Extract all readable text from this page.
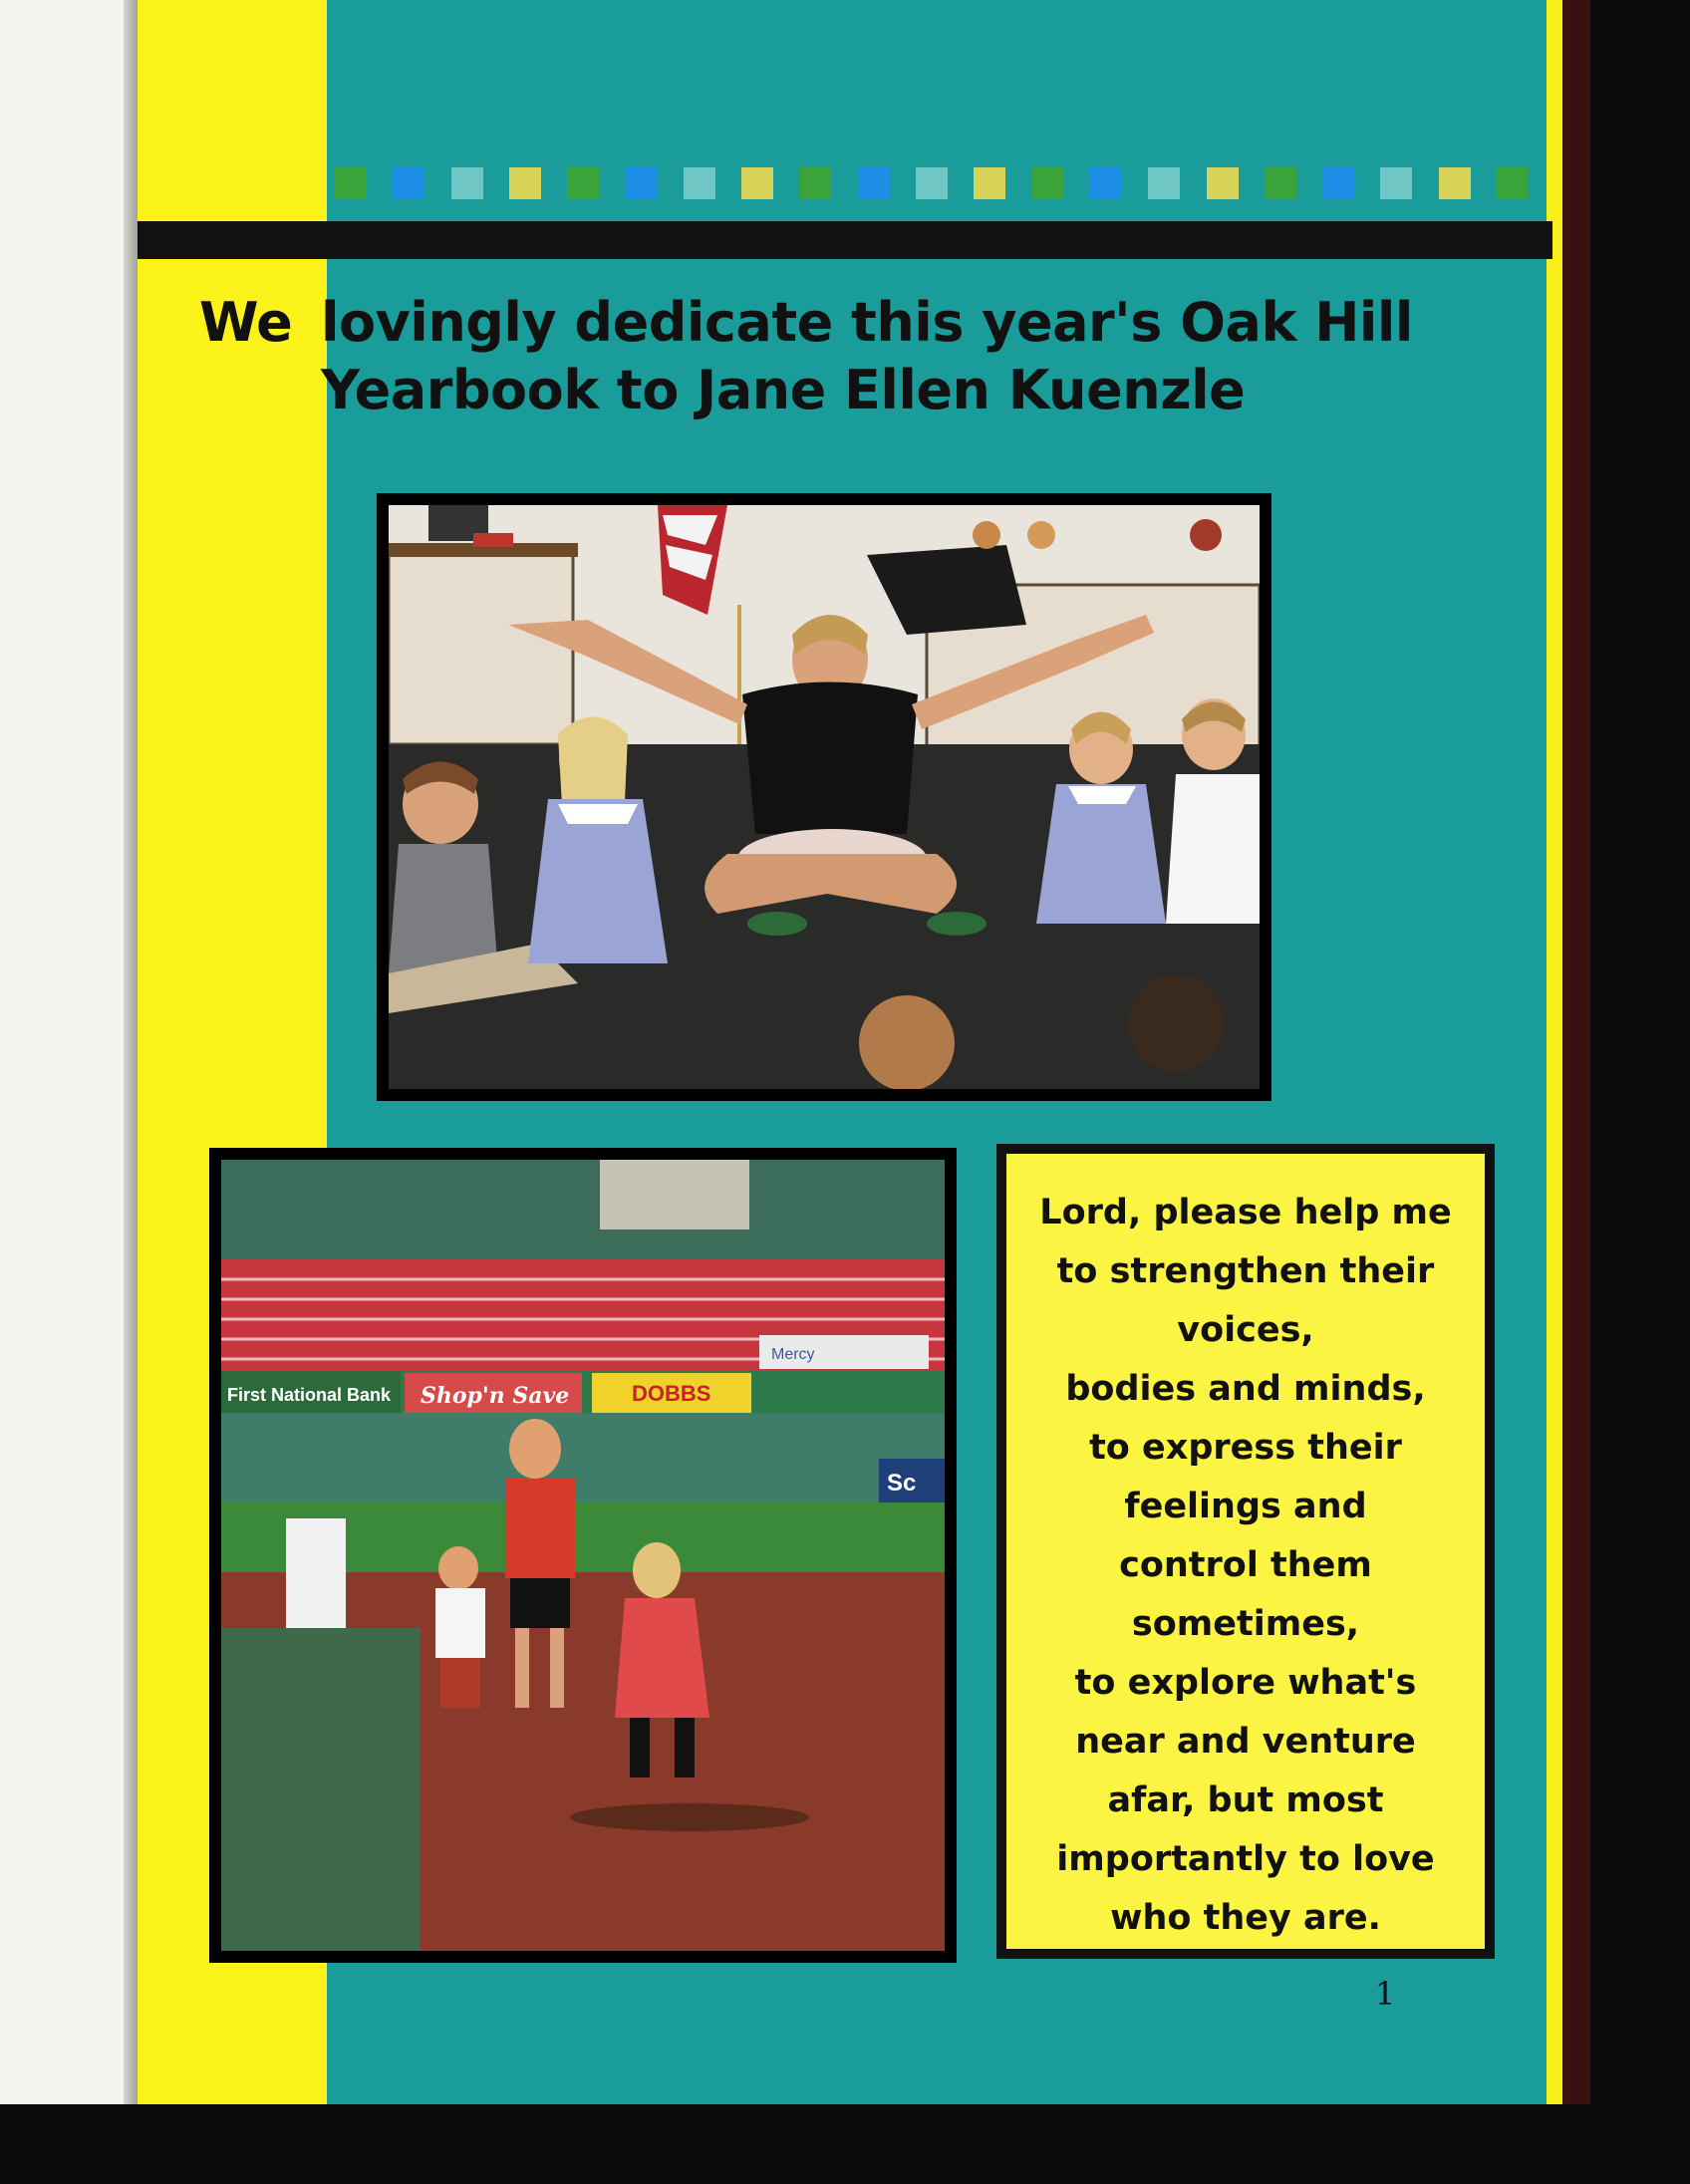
We lovingly dedicate this year's Oak Hill Yearbook to Jane Ellen Kuenzle
First National Bank Shop'n Save	DOBBS
Mercy
Sc
Lord, please help me
to strengthen their
voices,
bodies and minds,
to express their
feelings and
control them
sometimes,
to explore what's
near and venture
afar, but most
importantly to love
who they are.
1
